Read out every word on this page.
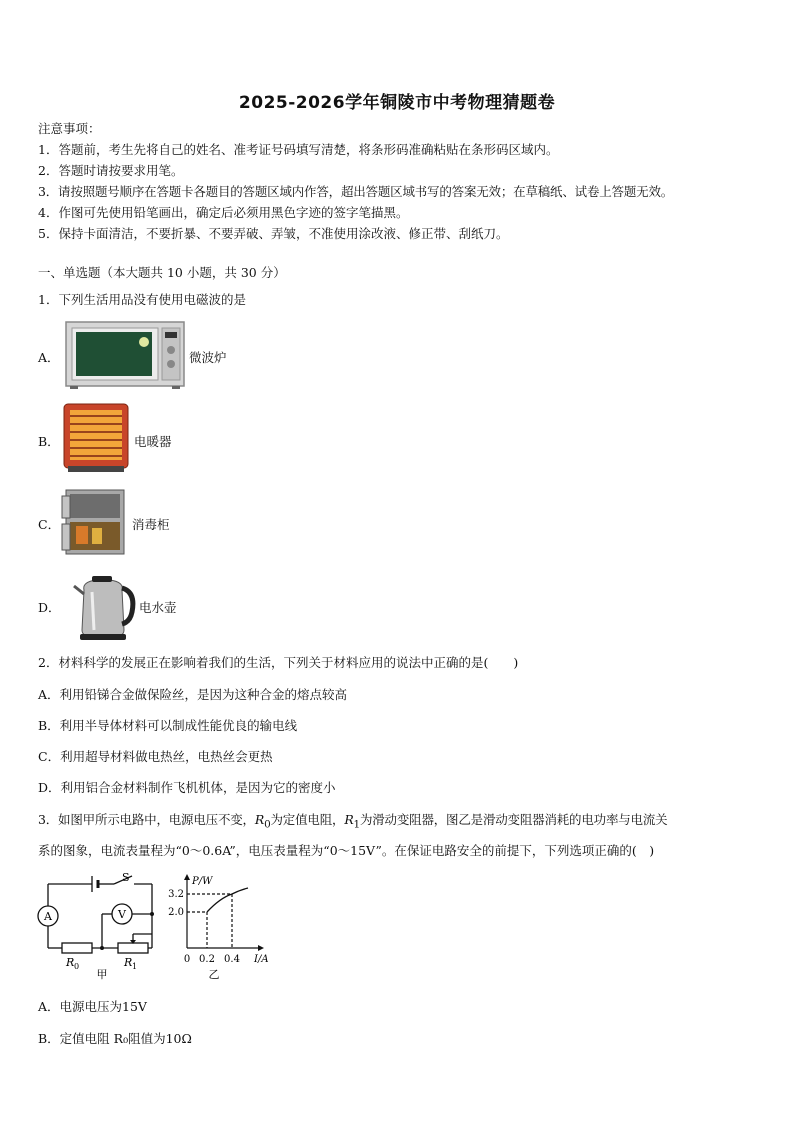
2025-2026学年铜陵市中考物理猜题卷
注意事项：
1．答题前，考生先将自己的姓名、准考证号码填写清楚，将条形码准确粘贴在条形码区域内。
2．答题时请按要求用笔。
3．请按照题号顺序在答题卡各题目的答题区域内作答，超出答题区域书写的答案无效；在草稿纸、试卷上答题无效。
4．作图可先使用铅笔画出，确定后必须用黑色字迹的签字笔描黑。
5．保持卡面清洁，不要折暴、不要弄破、弄皱，不准使用涂改液、修正带、刮纸刀。
一、单选题（本大题共 10 小题，共 30 分）
1．下列生活用品没有使用电磁波的是
A．	微波炉
B．	电暖器
C．	消毒柜
D．	电水壶
2．材料科学的发展正在影响着我们的生活，下列关于材料应用的说法中正确的是(　　)
A．利用铅锑合金做保险丝，是因为这种合金的熔点较高
B．利用半导体材料可以制成性能优良的输电线
C．利用超导材料做电热丝，电热丝会更热
D．利用铝合金材料制作飞机机体，是因为它的密度小
3．如图甲所示电路中，电源电压不变，$R_0$为定值电阻，$R_1$为滑动变阻器，图乙是滑动变阻器消耗的电功率与电流关
系的图象，电流表量程为“0～0.6A”，电压表量程为“0～15V”。在保证电路安全的前提下，下列选项正确的(　)
A	V
S
R 0	R 1
甲
P/W
3.2
2.0
0 0.2 0.4 I/A
乙
A．电源电压为15V
B．定值电阻 R₀阻值为10Ω
